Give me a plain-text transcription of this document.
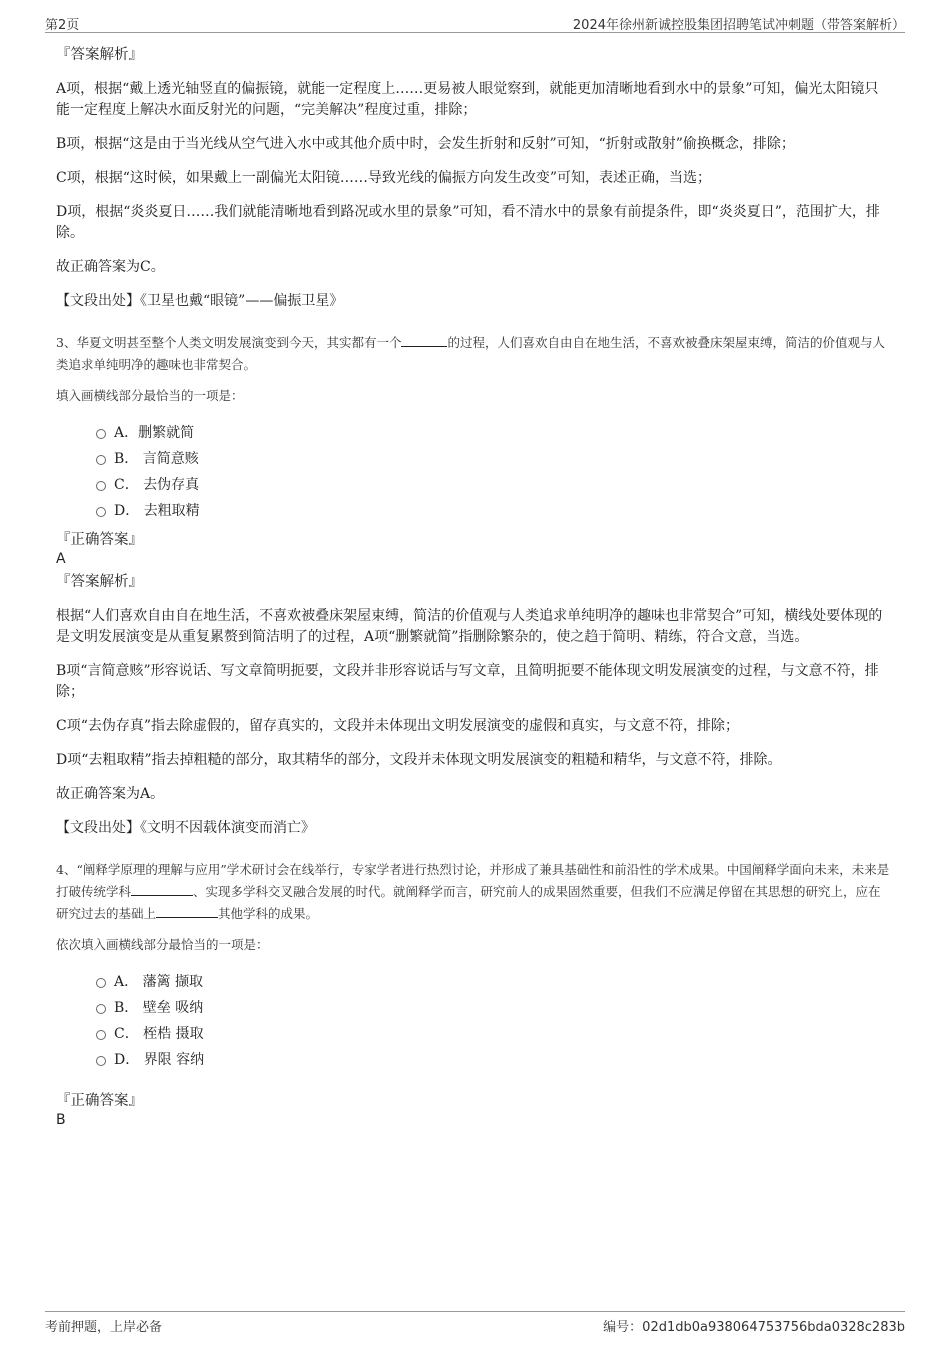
第2页	2024年徐州新诚控股集团招聘笔试冲刺题（带答案解析）
『答案解析』

A项，根据“戴上透光轴竖直的偏振镜，就能一定程度上……更易被人眼觉察到，就能更加清晰地看到水中的景象”可知，偏光太阳镜只能一定程度上解决水面反射光的问题，“完美解决”程度过重，排除；

B项，根据“这是由于当光线从空气进入水中或其他介质中时，会发生折射和反射”可知，“折射或散射”偷换概念，排除；

C项，根据“这时候，如果戴上一副偏光太阳镜……导致光线的偏振方向发生改变”可知，表述正确，当选；

D项，根据“炎炎夏日……我们就能清晰地看到路况或水里的景象”可知，看不清水中的景象有前提条件，即“炎炎夏日”，范围扩大，排除。

故正确答案为C。

【文段出处】《卫星也戴“眼镜”——偏振卫星》

3、华夏文明甚至整个人类文明发展演变到今天，其实都有一个	的过程，人们喜欢自由自在地生活，不喜欢被叠床架屋束缚，简洁的价值观与人类追求单纯明净的趣味也非常契合。

填入画横线部分最恰当的一项是：

A．删繁就简
B． 言简意赅
C． 去伪存真
D． 去粗取精
『正确答案』
A
『答案解析』

根据“人们喜欢自由自在地生活，不喜欢被叠床架屋束缚，简洁的价值观与人类追求单纯明净的趣味也非常契合”可知，横线处要体现的是文明发展演变是从重复累赘到简洁明了的过程，A项“删繁就简”指删除繁杂的，使之趋于简明、精练，符合文意，当选。

B项“言简意赅”形容说话、写文章简明扼要，文段并非形容说话与写文章，且简明扼要不能体现文明发展演变的过程，与文意不符，排除；

C项“去伪存真”指去除虚假的，留存真实的，文段并未体现出文明发展演变的虚假和真实，与文意不符，排除；

D项“去粗取精”指去掉粗糙的部分，取其精华的部分，文段并未体现文明发展演变的粗糙和精华，与文意不符，排除。

故正确答案为A。

【文段出处】《文明不因载体演变而消亡》

4、“阐释学原理的理解与应用”学术研讨会在线举行，专家学者进行热烈讨论，并形成了兼具基础性和前沿性的学术成果。中国阐释学面向未来，未来是打破传统学科	、实现多学科交叉融合发展的时代。就阐释学而言，研究前人的成果固然重要，但我们不应满足停留在其思想的研究上，应在研究过去的基础上	其他学科的成果。

依次填入画横线部分最恰当的一项是：

A． 藩篱 撷取
B． 壁垒 吸纳
C． 桎梏 摄取
D． 界限 容纳
『正确答案』
B
考前押题，上岸必备	编号：02d1db0a938064753756bda0328c283b
